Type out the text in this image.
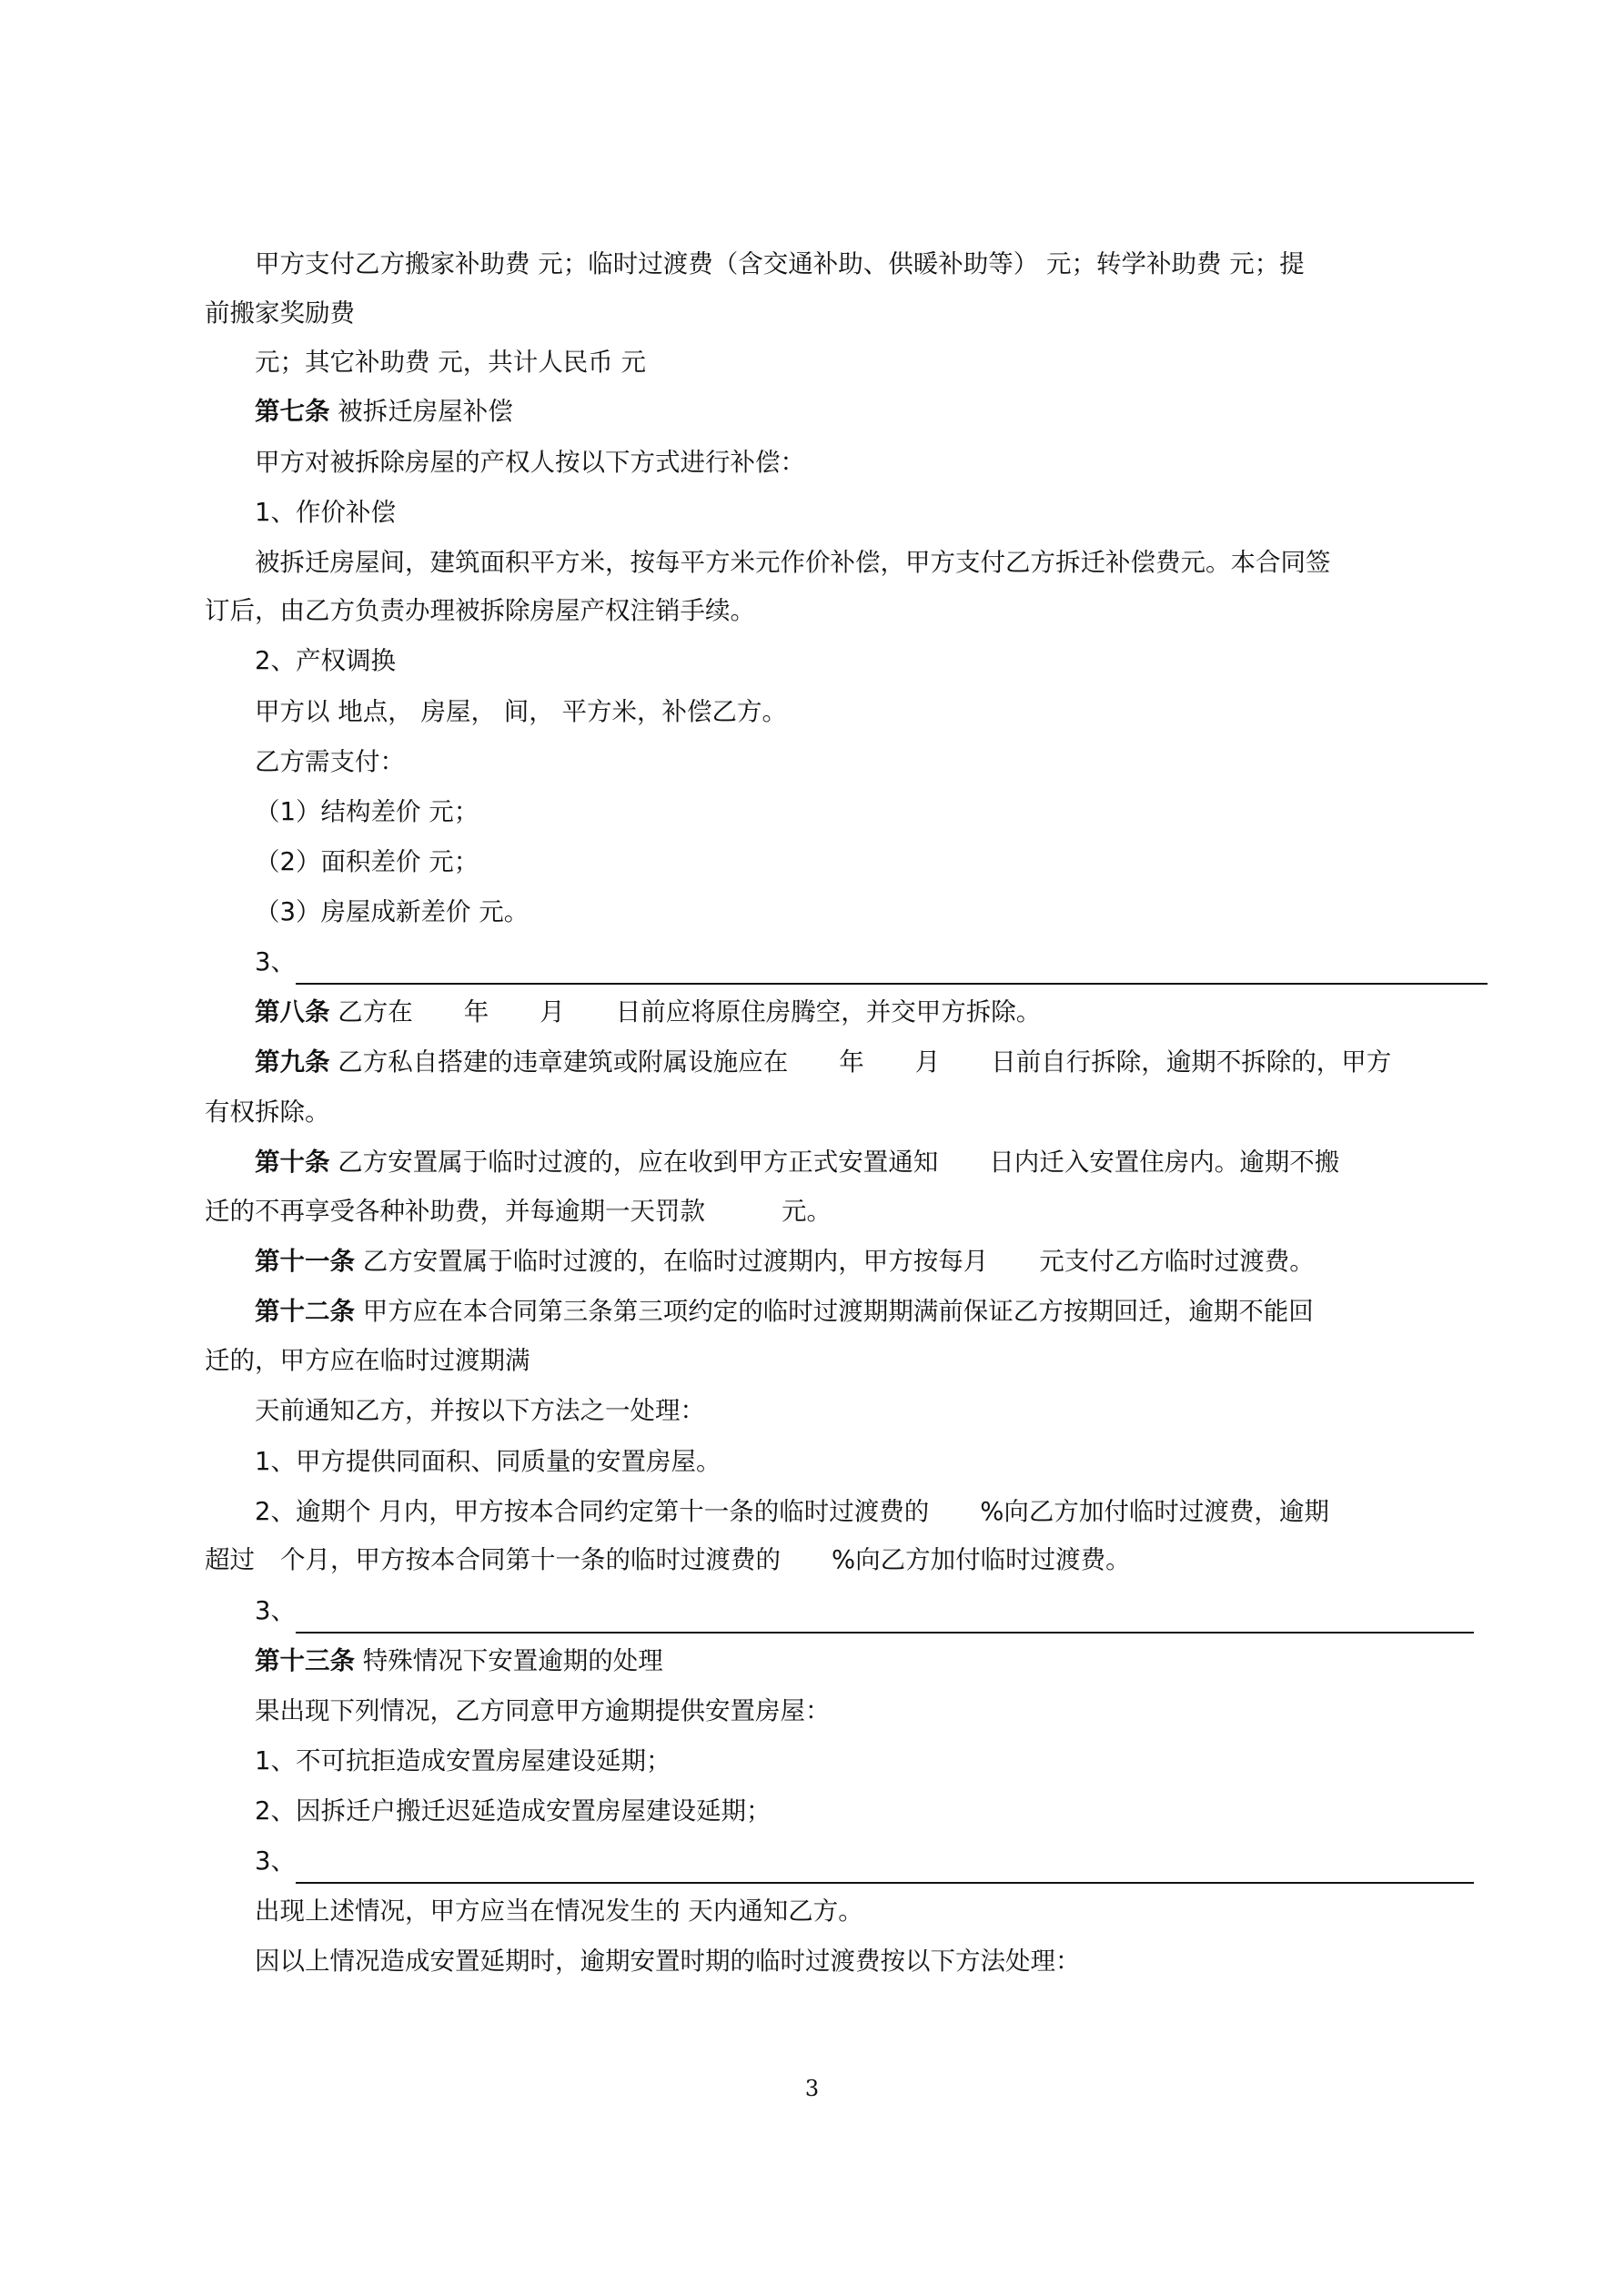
甲方支付乙方搬家补助费 元；临时过渡费（含交通补助、供暖补助等） 元；转学补助费 元；提
前搬家奖励费
元；其它补助费 元，共计人民币 元
第七条 被拆迁房屋补偿
甲方对被拆除房屋的产权人按以下方式进行补偿：
1、作价补偿
被拆迁房屋间，建筑面积平方米，按每平方米元作价补偿，甲方支付乙方拆迁补偿费元。本合同签
订后，由乙方负责办理被拆除房屋产权注销手续。
2、产权调换
甲方以 地点， 房屋， 间， 平方米，补偿乙方。
乙方需支付：
（1）结构差价 元；
（2）面积差价 元；
（3）房屋成新差价 元。
3、
第八条 乙方在 年 月 日前应将原住房腾空，并交甲方拆除。
第九条 乙方私自搭建的违章建筑或附属设施应在 年 月 日前自行拆除，逾期不拆除的，甲方
有权拆除。
第十条 乙方安置属于临时过渡的，应在收到甲方正式安置通知 日内迁入安置住房内。逾期不搬
迁的不再享受各种补助费，并每逾期一天罚款	元。
第十一条 乙方安置属于临时过渡的，在临时过渡期内，甲方按每月 元支付乙方临时过渡费。
第十二条 甲方应在本合同第三条第三项约定的临时过渡期期满前保证乙方按期回迁，逾期不能回
迁的，甲方应在临时过渡期满
天前通知乙方，并按以下方法之一处理：
1、甲方提供同面积、同质量的安置房屋。
2、逾期个 月内，甲方按本合同约定第十一条的临时过渡费的 %向乙方加付临时过渡费，逾期
超过 个月，甲方按本合同第十一条的临时过渡费的 %向乙方加付临时过渡费。
3、
第十三条 特殊情况下安置逾期的处理
果出现下列情况，乙方同意甲方逾期提供安置房屋：
1、不可抗拒造成安置房屋建设延期；
2、因拆迁户搬迁迟延造成安置房屋建设延期；
3、
出现上述情况，甲方应当在情况发生的 天内通知乙方。
因以上情况造成安置延期时，逾期安置时期的临时过渡费按以下方法处理：
3
